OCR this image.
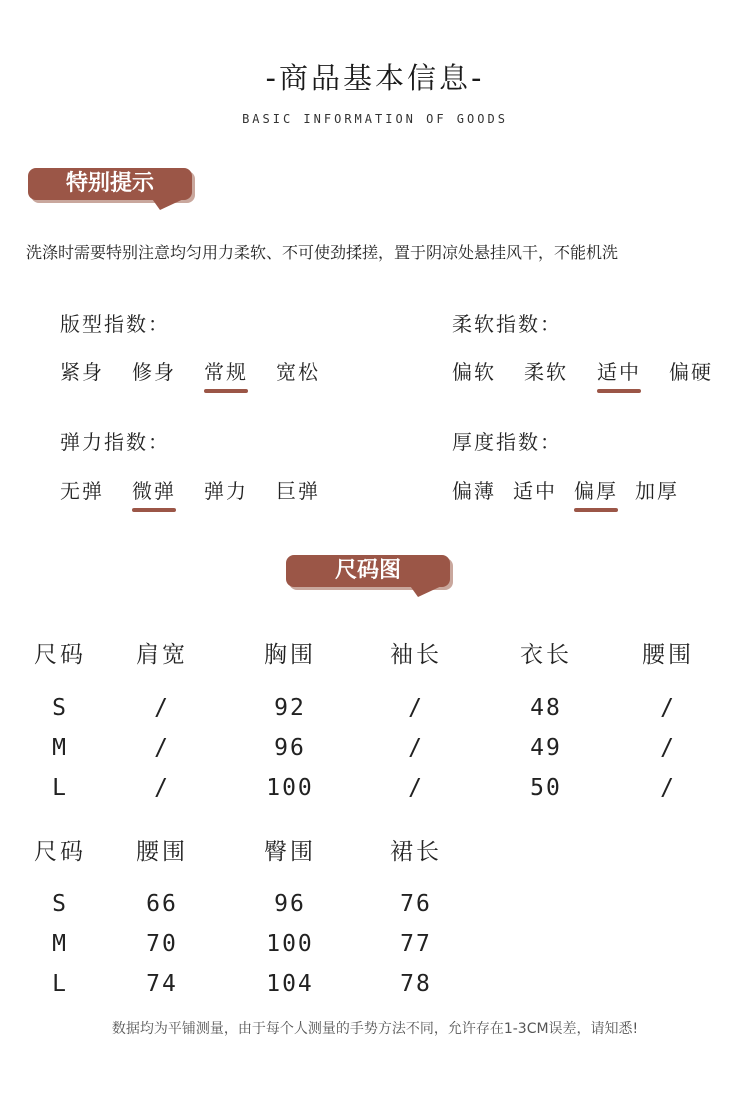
-商品基本信息-
BASIC INFORMATION OF GOODS
特别提示
洗涤时需要特别注意均匀用力柔软、不可使劲揉搓，置于阴凉处悬挂风干，不能机洗
版型指数：
紧身 修身 常规 宽松
柔软指数：
偏软 柔软 适中 偏硬
弹力指数：
无弹 微弹 弹力 巨弹
厚度指数：
偏薄 适中 偏厚 加厚
尺码图
尺码 肩宽	胸围	袖长	衣长	腰围
S	/	92	/	48	/
M	/	96	/	49	/
L	/	100	/	50	/
尺码 腰围	臀围	裙长
S	66	96	76
M	70	100	77
L	74	104	78
数据均为平铺测量，由于每个人测量的手势方法不同，允许存在1-3CM误差，请知悉!
